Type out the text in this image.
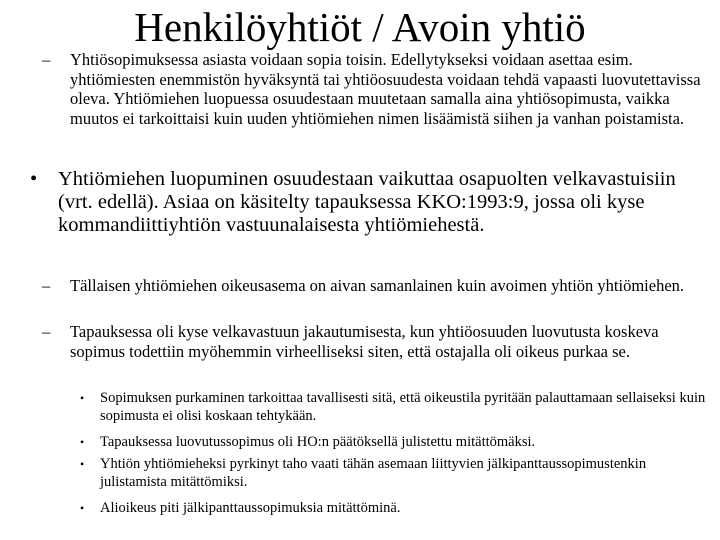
Henkilöyhtiöt / Avoin yhtiö
–	Yhtiösopimuksessa asiasta voidaan sopia toisin. Edellytykseksi voidaan asettaa esim. yhtiömiesten enemmistön hyväksyntä tai yhtiöosuudesta voidaan tehdä vapaasti luovutettavissa oleva. Yhtiömiehen luopuessa osuudestaan muutetaan samalla aina yhtiösopimusta, vaikka muutos ei tarkoittaisi kuin uuden yhtiömiehen nimen lisäämistä siihen ja vanhan poistamista.
•	Yhtiömiehen luopuminen osuudestaan vaikuttaa osapuolten velkavastuisiin (vrt. edellä). Asiaa on käsitelty tapauksessa KKO:1993:9, jossa oli kyse kommandiittiyhtiön vastuunalaisesta yhtiömiehestä.
–	Tällaisen yhtiömiehen oikeusasema on aivan samanlainen kuin avoimen yhtiön yhtiömiehen.
–	Tapauksessa oli kyse velkavastuun jakautumisesta, kun yhtiöosuuden luovutusta koskeva sopimus todettiin myöhemmin virheelliseksi siten, että ostajalla oli oikeus purkaa se.
•	Sopimuksen purkaminen tarkoittaa tavallisesti sitä, että oikeustila pyritään palauttamaan sellaiseksi kuin sopimusta ei olisi koskaan tehtykään.
•	Tapauksessa luovutussopimus oli HO:n päätöksellä julistettu mitättömäksi.
•	Yhtiön yhtiömieheksi pyrkinyt taho vaati tähän asemaan liittyvien jälkipanttaussopimustenkin julistamista mitättömiksi.
•	Alioikeus piti jälkipanttaussopimuksia mitättöminä.
